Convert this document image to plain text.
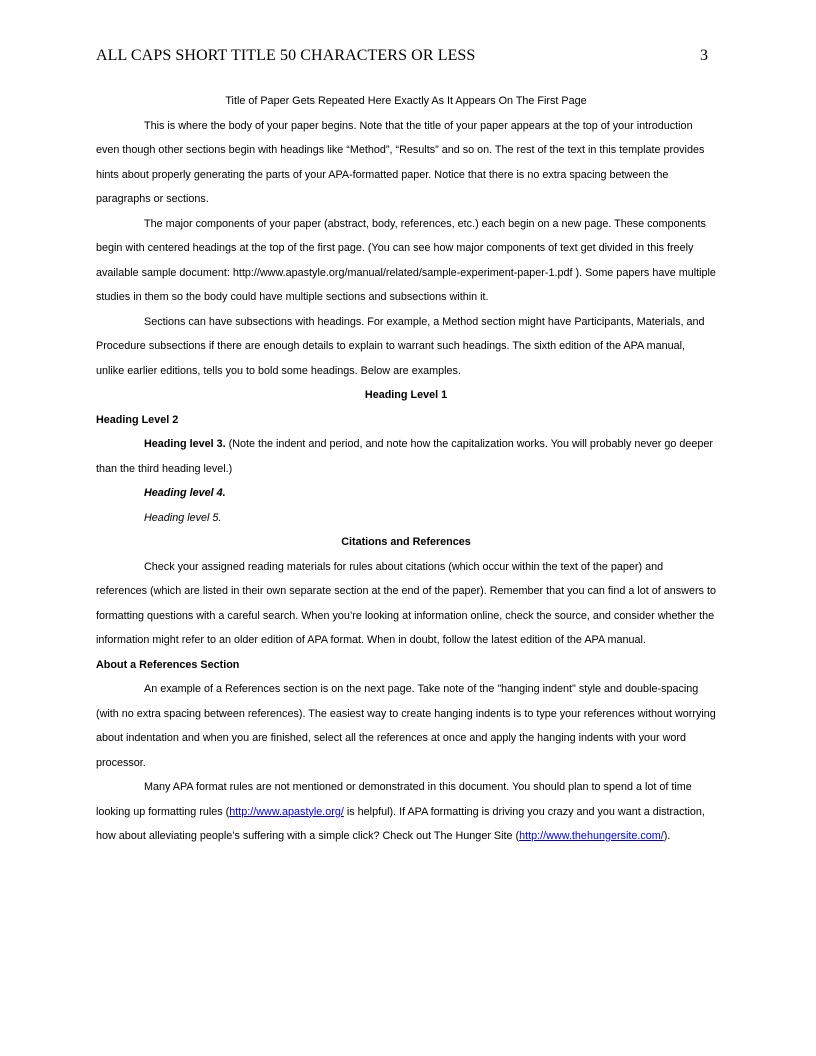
ALL CAPS SHORT TITLE 50 CHARACTERS OR LESS	3

Title of Paper Gets Repeated Here Exactly As It Appears On The First Page

This is where the body of your paper begins. Note that the title of your paper appears at the top of your introduction even though other sections begin with headings like “Method”, “Results” and so on. The rest of the text in this template provides hints about properly generating the parts of your APA-formatted paper. Notice that there is no extra spacing between the paragraphs or sections.

The major components of your paper (abstract, body, references, etc.) each begin on a new page. These components begin with centered headings at the top of the first page. (You can see how major components of text get divided in this freely available sample document: http://www.apastyle.org/manual/related/sample-experiment-paper-1.pdf ). Some papers have multiple studies in them so the body could have multiple sections and subsections within it.

Sections can have subsections with headings. For example, a Method section might have Participants, Materials, and Procedure subsections if there are enough details to explain to warrant such headings. The sixth edition of the APA manual, unlike earlier editions, tells you to bold some headings. Below are examples.

Heading Level 1

Heading Level 2

Heading level 3. (Note the indent and period, and note how the capitalization works. You will probably never go deeper than the third heading level.)

Heading level 4.

Heading level 5.

Citations and References

Check your assigned reading materials for rules about citations (which occur within the text of the paper) and references (which are listed in their own separate section at the end of the paper). Remember that you can find a lot of answers to formatting questions with a careful search. When you’re looking at information online, check the source, and consider whether the information might refer to an older edition of APA format. When in doubt, follow the latest edition of the APA manual.

About a References Section

An example of a References section is on the next page. Take note of the "hanging indent" style and double-spacing (with no extra spacing between references). The easiest way to create hanging indents is to type your references without worrying about indentation and when you are finished, select all the references at once and apply the hanging indents with your word processor.

Many APA format rules are not mentioned or demonstrated in this document. You should plan to spend a lot of time looking up formatting rules (http://www.apastyle.org/ is helpful). If APA formatting is driving you crazy and you want a distraction, how about alleviating people’s suffering with a simple click? Check out The Hunger Site (http://www.thehungersite.com/).
